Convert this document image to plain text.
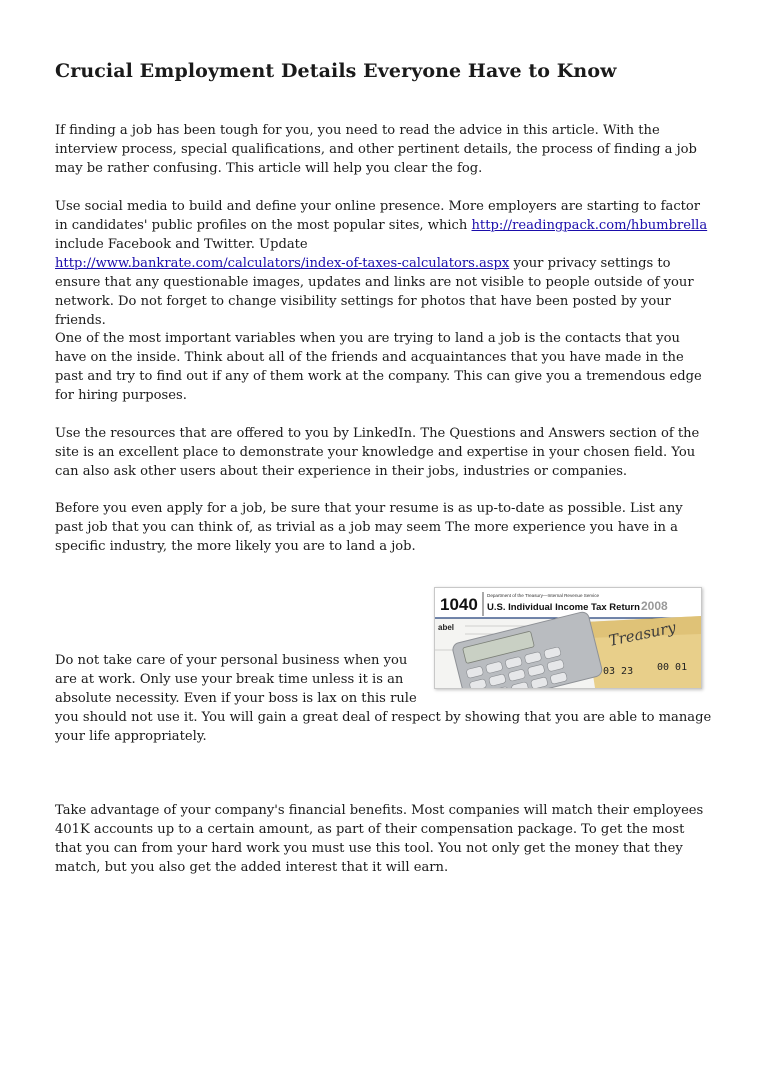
Crucial Employment Details Everyone Have to Know

If finding a job has been tough for you, you need to read the advice in this article. With the interview process, special qualifications, and other pertinent details, the process of finding a job may be rather confusing. This article will help you clear the fog.

Use social media to build and define your online presence. More employers are starting to factor in candidates' public profiles on the most popular sites, which http://readingpack.com/hbumbrella
include Facebook and Twitter. Update
http://www.bankrate.com/calculators/index-of-taxes-calculators.aspx your privacy settings to ensure that any questionable images, updates and links are not visible to people outside of your network. Do not forget to change visibility settings for photos that have been posted by your friends.

One of the most important variables when you are trying to land a job is the contacts that you have on the inside. Think about all of the friends and acquaintances that you have made in the past and try to find out if any of them work at the company. This can give you a tremendous edge for hiring purposes.

Use the resources that are offered to you by LinkedIn. The Questions and Answers section of the site is an excellent place to demonstrate your knowledge and expertise in your chosen field. You can also ask other users about their experience in their jobs, industries or companies.

Before you even apply for a job, be sure that your resume is as up-to-date as possible. List any past job that you can think of, as trivial as a job may seem The more experience you have in a specific industry, the more likely you are to land a job.

1040 Department of the Treasury—Internal Revenue Service
U.S. Individual Income Tax Return 2008
abel	Treasury
03 23 00 01
Do not take care of your personal business when you are at work. Only use your break time unless it is an absolute necessity. Even if your boss is lax on this rule you should not use it. You will gain a great deal of respect by showing that you are able to manage your life appropriately.

Take advantage of your company's financial benefits. Most companies will match their employees 401K accounts up to a certain amount, as part of their compensation package. To get the most that you can from your hard work you must use this tool. You not only get the money that they match, but you also get the added interest that it will earn.
